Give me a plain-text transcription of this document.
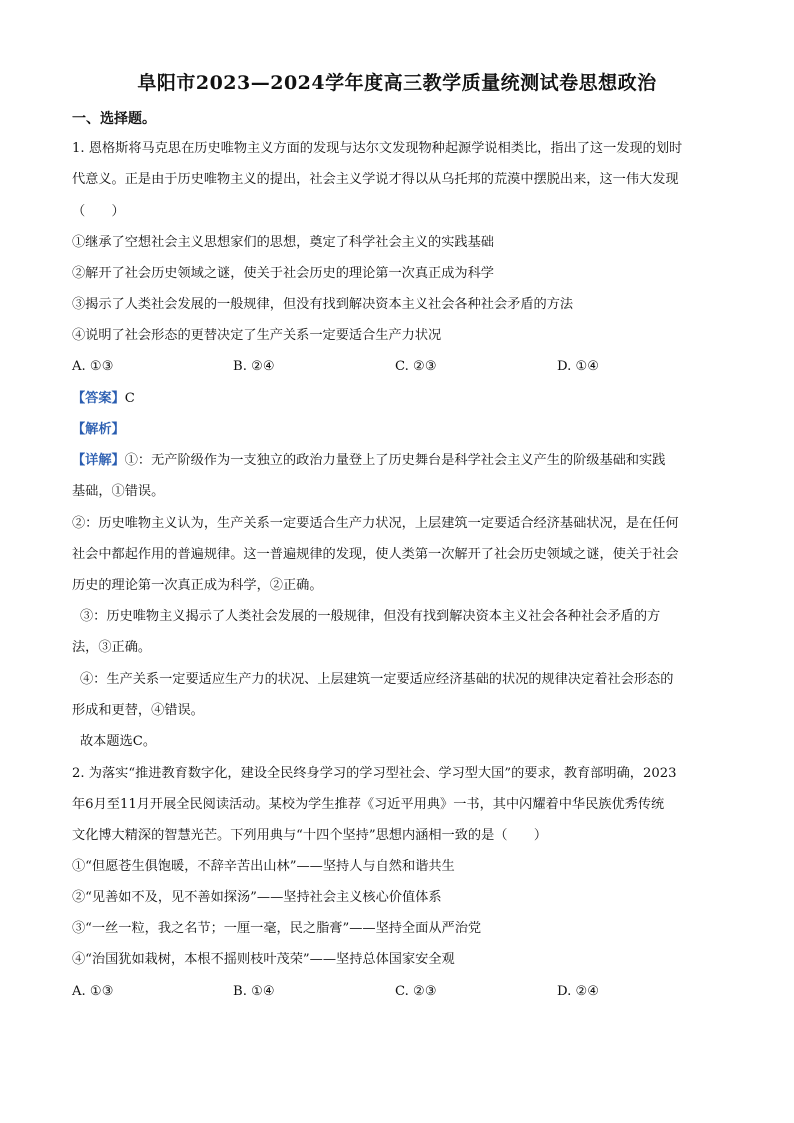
阜阳市2023—2024学年度高三教学质量统测试卷思想政治
一、选择题。
1. 恩格斯将马克思在历史唯物主义方面的发现与达尔文发现物种起源学说相类比，指出了这一发现的划时
代意义。正是由于历史唯物主义的提出，社会主义学说才得以从乌托邦的荒漠中摆脱出来，这一伟大发现
（　　）
①继承了空想社会主义思想家们的思想，奠定了科学社会主义的实践基础
②解开了社会历史领域之谜，使关于社会历史的理论第一次真正成为科学
③揭示了人类社会发展的一般规律，但没有找到解决资本主义社会各种社会矛盾的方法
④说明了社会形态的更替决定了生产关系一定要适合生产力状况
A. ①③	B. ②④	C. ②③	D. ①④
【答案】C
【解析】
【详解】①：无产阶级作为一支独立的政治力量登上了历史舞台是科学社会主义产生的阶级基础和实践
基础，①错误。
②：历史唯物主义认为，生产关系一定要适合生产力状况，上层建筑一定要适合经济基础状况，是在任何
社会中都起作用的普遍规律。这一普遍规律的发现，使人类第一次解开了社会历史领域之谜，使关于社会
历史的理论第一次真正成为科学，②正确。
③：历史唯物主义揭示了人类社会发展的一般规律，但没有找到解决资本主义社会各种社会矛盾的方
法，③正确。
④：生产关系一定要适应生产力的状况、上层建筑一定要适应经济基础的状况的规律决定着社会形态的
形成和更替，④错误。
故本题选C。
2. 为落实“推进教育数字化，建设全民终身学习的学习型社会、学习型大国”的要求，教育部明确，2023
年6月至11月开展全民阅读活动。某校为学生推荐《习近平用典》一书，其中闪耀着中华民族优秀传统
文化博大精深的智慧光芒。下列用典与“十四个坚持”思想内涵相一致的是（　　）
①“但愿苍生俱饱暖，不辞辛苦出山林”——坚持人与自然和谐共生
②“见善如不及，见不善如探汤”——坚持社会主义核心价值体系
③“一丝一粒，我之名节；一厘一毫，民之脂膏”——坚持全面从严治党
④“治国犹如栽树，本根不摇则枝叶茂荣”——坚持总体国家安全观
A. ①③	B. ①④	C. ②③	D. ②④
